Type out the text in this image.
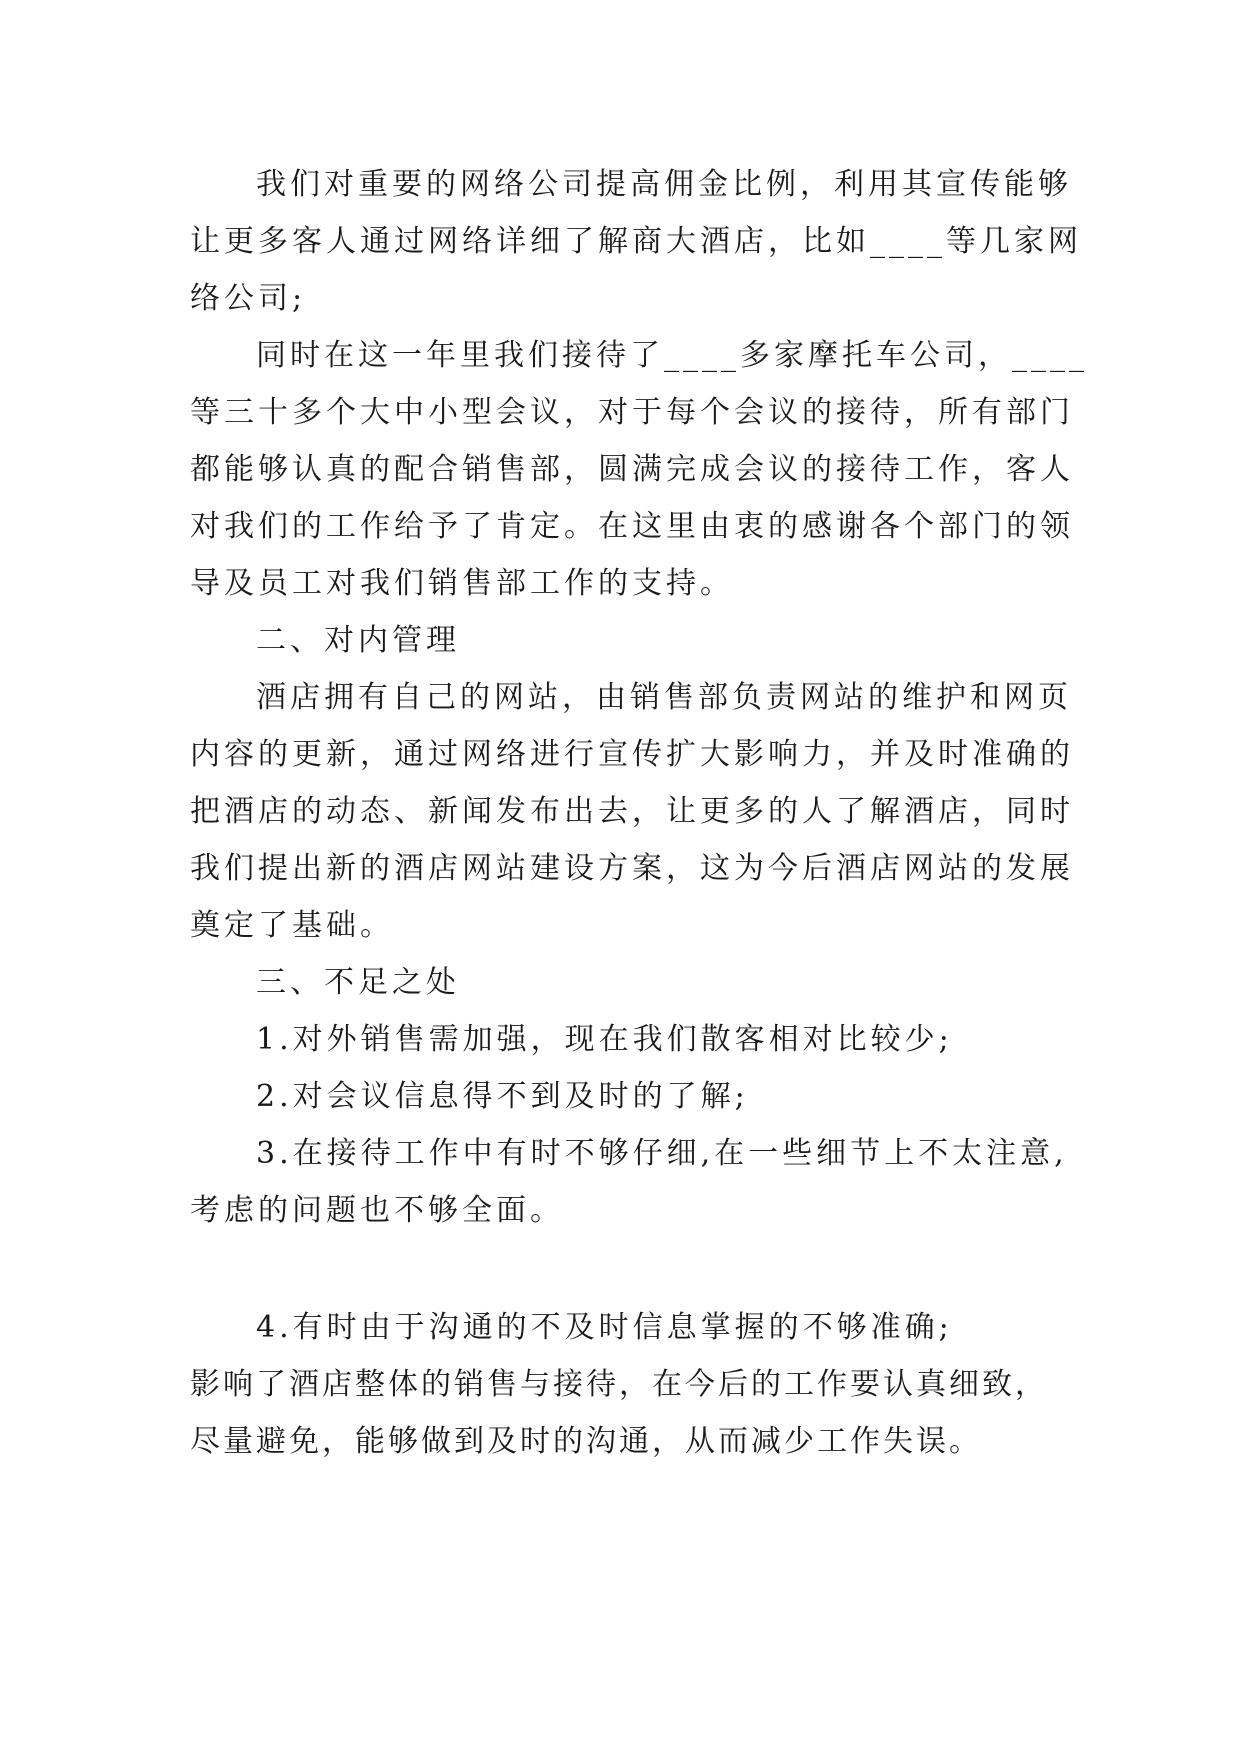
我们对重要的网络公司提高佣金比例，利用其宣传能够
让更多客人通过网络详细了解商大酒店，比如____等几家网
络公司;
同时在这一年里我们接待了____多家摩托车公司，____
等三十多个大中小型会议，对于每个会议的接待，所有部门
都能够认真的配合销售部，圆满完成会议的接待工作，客人
对我们的工作给予了肯定。在这里由衷的感谢各个部门的领
导及员工对我们销售部工作的支持。
二、对内管理
酒店拥有自己的网站，由销售部负责网站的维护和网页
内容的更新，通过网络进行宣传扩大影响力，并及时准确的
把酒店的动态、新闻发布出去，让更多的人了解酒店，同时
我们提出新的酒店网站建设方案，这为今后酒店网站的发展
奠定了基础。
三、不足之处
1.对外销售需加强，现在我们散客相对比较少;
2.对会议信息得不到及时的了解;
3.在接待工作中有时不够仔细,在一些细节上不太注意,
考虑的问题也不够全面。
4.有时由于沟通的不及时信息掌握的不够准确;
影响了酒店整体的销售与接待，在今后的工作要认真细致，
尽量避免，能够做到及时的沟通，从而减少工作失误。
